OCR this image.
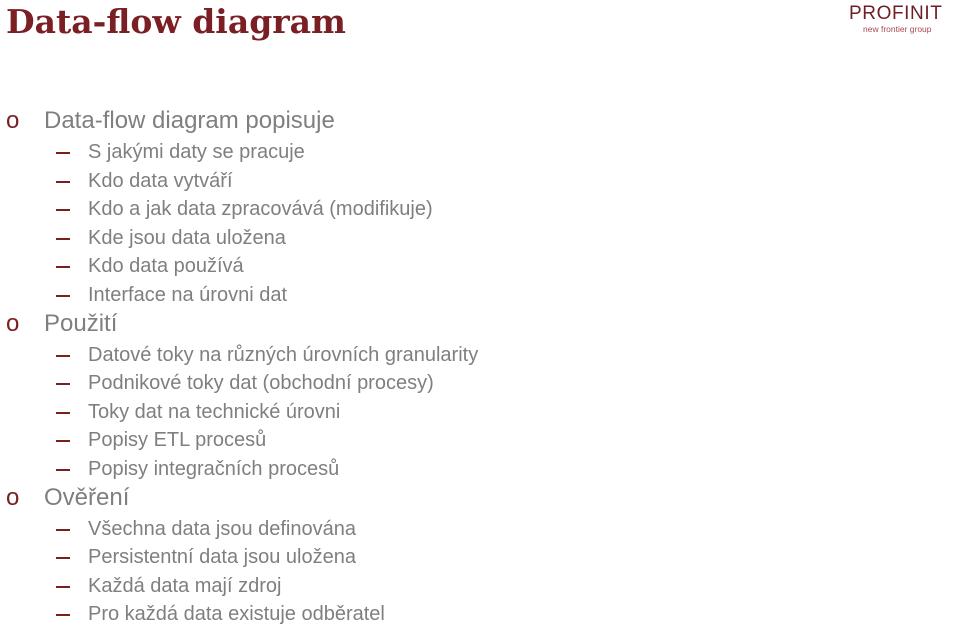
Data-flow diagram	PROFINIT
new frontier group
o
Data-flow diagram popisuje
S jakými daty se pracuje
Kdo data vytváří
Kdo a jak data zpracovává (modifikuje)
Kde jsou data uložena
Kdo data používá
Interface na úrovni dat
o
Použití
Datové toky na různých úrovních granularity
Podnikové toky dat (obchodní procesy)
Toky dat na technické úrovni
Popisy ETL procesů
Popisy integračních procesů
o
Ověření
Všechna data jsou definována
Persistentní data jsou uložena
Každá data mají zdroj
Pro každá data existuje odběratel
